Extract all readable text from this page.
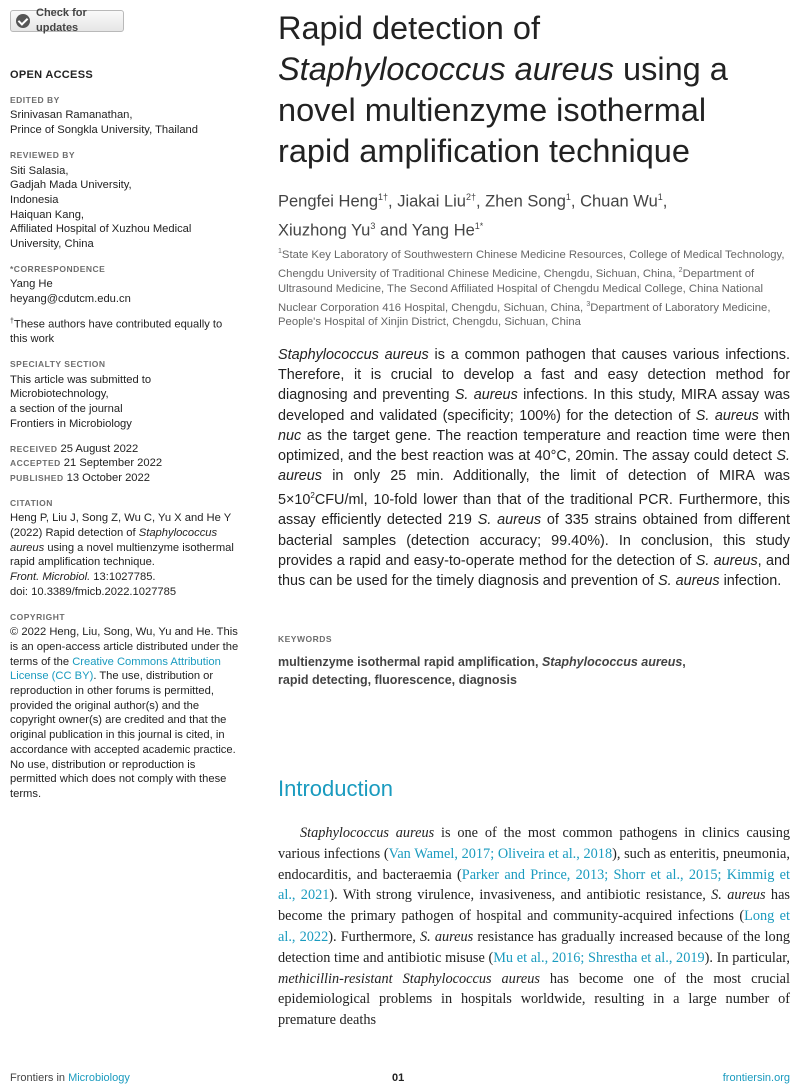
Check for updates
OPEN ACCESS
EDITED BY

Srinivasan Ramanathan,

Prince of Songkla University, Thailand

REVIEWED BY

Siti Salasia,

Gadjah Mada University,

Indonesia

Haiquan Kang,

Affiliated Hospital of Xuzhou Medical

University, China

*CORRESPONDENCE

Yang He

heyang@cdutcm.edu.cn

†These authors have contributed equally to this work

SPECIALTY SECTION

This article was submitted to

Microbiotechnology,

a section of the journal

Frontiers in Microbiology

RECEIVED 25 August 2022

ACCEPTED 21 September 2022

PUBLISHED 13 October 2022

CITATION

Heng P, Liu J, Song Z, Wu C, Yu X and He Y (2022) Rapid detection of Staphylococcus aureus using a novel multienzyme isothermal rapid amplification technique.
Front. Microbiol. 13:1027785.
doi: 10.3389/fmicb.2022.1027785

COPYRIGHT

© 2022 Heng, Liu, Song, Wu, Yu and He. This is an open-access article distributed under the terms of the Creative Commons Attribution License (CC BY). The use, distribution or reproduction in other forums is permitted, provided the original author(s) and the copyright owner(s) are credited and that the original publication in this journal is cited, in accordance with accepted academic practice. No use, distribution or reproduction is permitted which does not comply with these terms.

Rapid detection of
Staphylococcus aureus using a
novel multienzyme isothermal
rapid amplification technique
Pengfei Heng$^{1\dagger}$, Jiakai Liu$^{2\dagger}$, Zhen Song$^1$, Chuan Wu$^1$,
Xiuzhong Yu$^3$ and Yang $He^{1*}$
$^1$State Key Laboratory of Southwestern Chinese Medicine Resources, College of Medical Technology, Chengdu University of Traditional Chinese Medicine, Chengdu, Sichuan, China, $^2$Department of Ultrasound Medicine, The Second Affiliated Hospital of Chengdu Medical College, China National Nuclear Corporation 416 Hospital, Chengdu, Sichuan, China, $^3$Department of Laboratory Medicine, People's Hospital of Xinjin District, Chengdu, Sichuan, China
Staphylococcus aureus is a common pathogen that causes various infections. Therefore, it is crucial to develop a fast and easy detection method for diagnosing and preventing S. aureus infections. In this study, MIRA assay was developed and validated (specificity; 100%) for the detection of S. aureus with nuc as the target gene. The reaction temperature and reaction time were then optimized, and the best reaction was at 40°C, 20min. The assay could detect S. aureus in only 25 min. Additionally, the limit of detection of MIRA was $5\times 10^2CFU/ml$, 10-fold lower than that of the traditional PCR. Furthermore, this assay efficiently detected 219 S. aureus of 335 strains obtained from different bacterial samples (detection accuracy; 99.40%). In conclusion, this study provides a rapid and easy-to-operate method for the detection of S. aureus, and thus can be used for the timely diagnosis and prevention of S. aureus infection.
KEYWORDS
multienzyme isothermal rapid amplification, Staphylococcus aureus,
rapid detecting, fluorescence, diagnosis
Introduction
Staphylococcus aureus is one of the most common pathogens in clinics causing various infections (Van Wamel, 2017; Oliveira et al., 2018), such as enteritis, pneumonia, endocarditis, and bacteraemia (Parker and Prince, 2013; Shorr et al., 2015; Kimmig et al., 2021). With strong virulence, invasiveness, and antibiotic resistance, S. aureus has become the primary pathogen of hospital and community-acquired infections (Long et al., 2022). Furthermore, S. aureus resistance has gradually increased because of the long detection time and antibiotic misuse (Mu et al., 2016; Shrestha et al., 2019). In particular, methicillin-resistant Staphylococcus aureus has become one of the most crucial epidemiological problems in hospitals worldwide, resulting in a large number of premature deaths
Frontiers in Microbiology	01	frontiersin.org
